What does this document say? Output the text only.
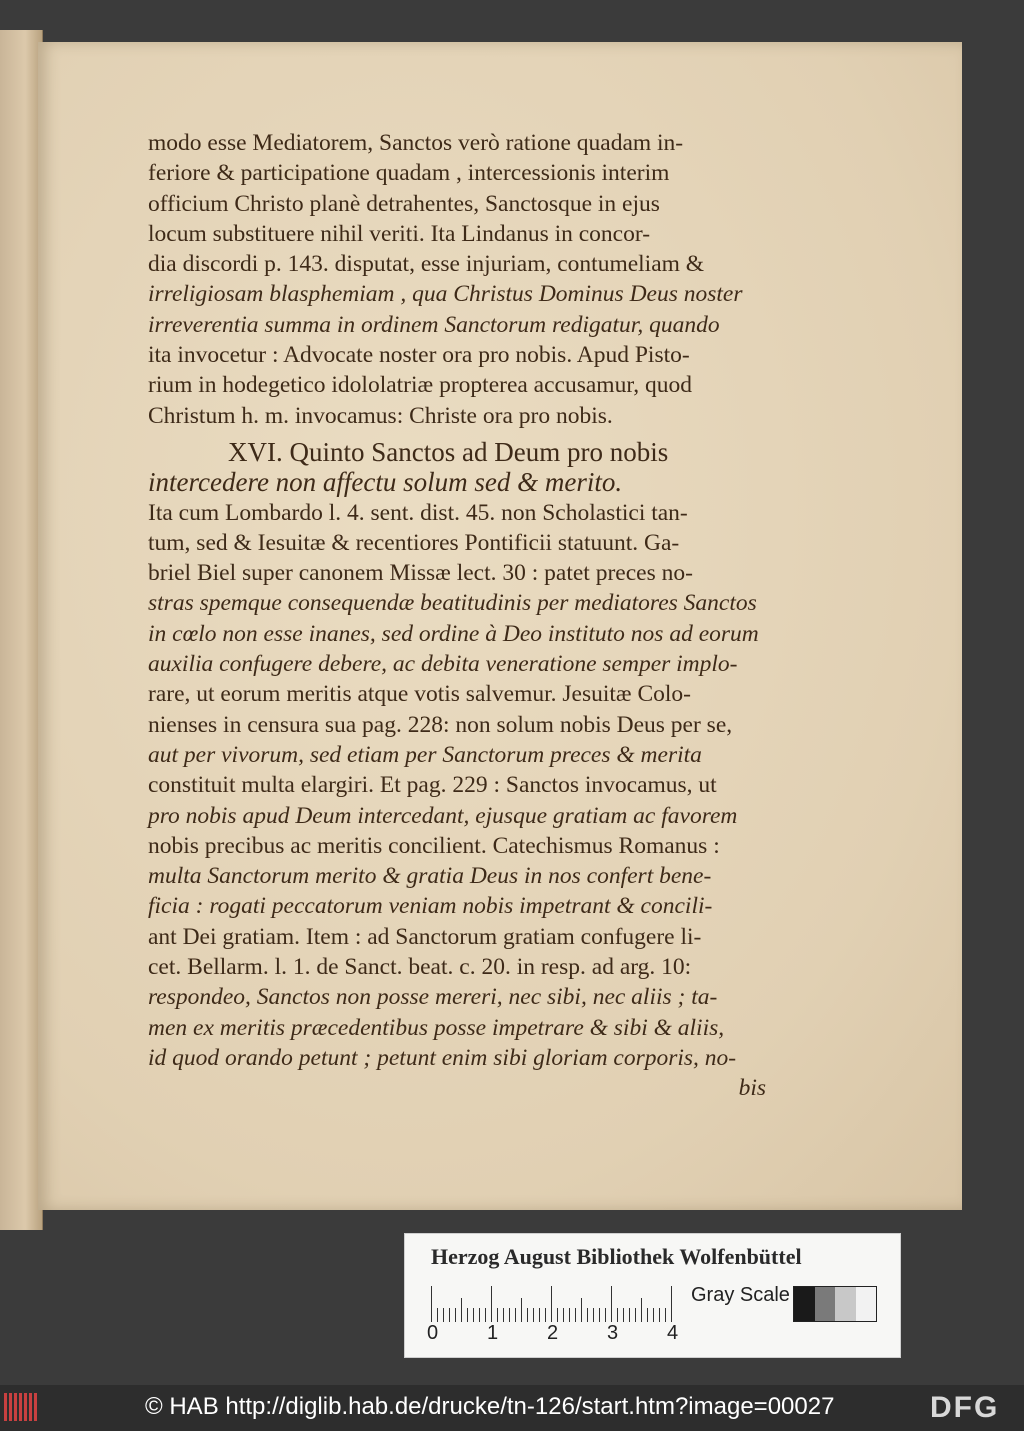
modo esse Mediatorem, Sanctos verò ratione quadam in-
feriore & participatione quadam , intercessionis interim
officium Christo planè detrahentes, Sanctosque in ejus
locum substituere nihil veriti. Ita Lindanus in concor-
dia discordi p. 143. disputat, esse injuriam, contumeliam &
irreligiosam blasphemiam , qua Christus Dominus Deus noster
irreverentia summa in ordinem Sanctorum redigatur, quando
ita invocetur : Advocate noster ora pro nobis. Apud Pisto-
rium in hodegetico idololatriæ propterea accusamur, quod
Christum h. m. invocamus: Christe ora pro nobis.
XVI. Quinto Sanctos ad Deum pro nobis
intercedere non affectu solum sed & merito.
Ita cum Lombardo l. 4. sent. dist. 45. non Scholastici tan-
tum, sed & Iesuitæ & recentiores Pontificii statuunt. Ga-
briel Biel super canonem Missæ lect. 30 : patet preces no-
stras spemque consequendæ beatitudinis per mediatores Sanctos
in cœlo non esse inanes, sed ordine à Deo instituto nos ad eorum
auxilia confugere debere, ac debita veneratione semper implo-
rare, ut eorum meritis atque votis salvemur. Jesuitæ Colo-
nienses in censura sua pag. 228: non solum nobis Deus per se,
aut per vivorum, sed etiam per Sanctorum preces & merita
constituit multa elargiri. Et pag. 229 : Sanctos invocamus, ut
pro nobis apud Deum intercedant, ejusque gratiam ac favorem
nobis precibus ac meritis concilient. Catechismus Romanus :
multa Sanctorum merito & gratia Deus in nos confert bene-
ficia : rogati peccatorum veniam nobis impetrant & concili-
ant Dei gratiam. Item : ad Sanctorum gratiam confugere li-
cet. Bellarm. l. 1. de Sanct. beat. c. 20. in resp. ad arg. 10:
respondeo, Sanctos non posse mereri, nec sibi, nec aliis ; ta-
men ex meritis præcedentibus posse impetrare & sibi & aliis,
id quod orando petunt ; petunt enim sibi gloriam corporis, no-
bis
Herzog August Bibliothek Wolfenbüttel
0 1 2 3 4
Gray Scale
© HAB http://diglib.hab.de/drucke/tn-126/start.htm?image=00027	DFG
